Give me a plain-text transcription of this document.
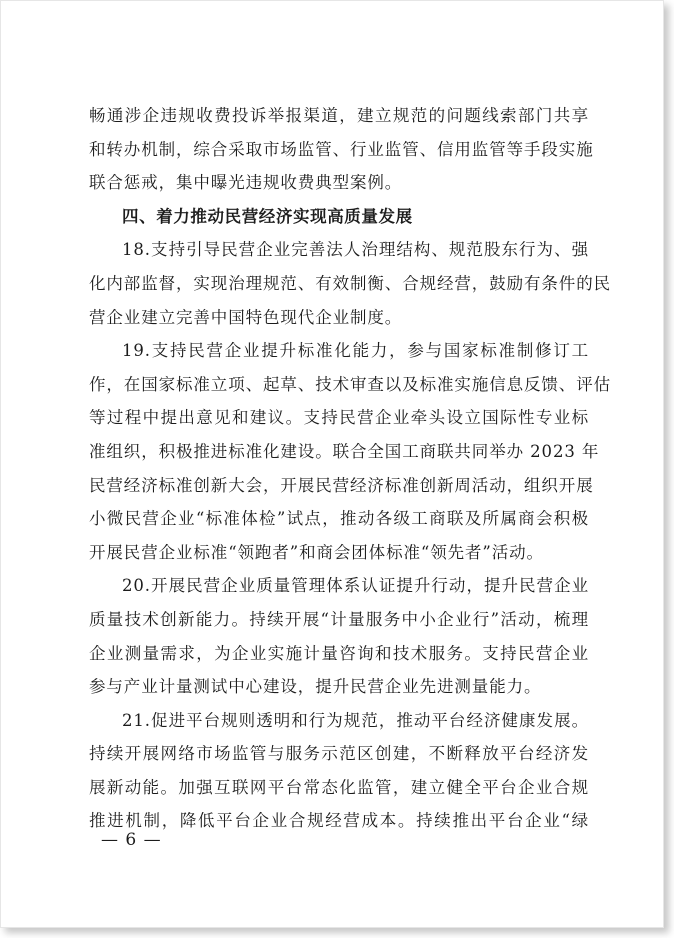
畅通涉企违规收费投诉举报渠道，建立规范的问题线索部门共享
和转办机制，综合采取市场监管、行业监管、信用监管等手段实施
联合惩戒，集中曝光违规收费典型案例。
四、着力推动民营经济实现高质量发展
18.支持引导民营企业完善法人治理结构、规范股东行为、强
化内部监督，实现治理规范、有效制衡、合规经营，鼓励有条件的民
营企业建立完善中国特色现代企业制度。
19.支持民营企业提升标准化能力，参与国家标准制修订工
作，在国家标准立项、起草、技术审查以及标准实施信息反馈、评估
等过程中提出意见和建议。支持民营企业牵头设立国际性专业标
准组织，积极推进标准化建设。联合全国工商联共同举办 2023 年
民营经济标准创新大会，开展民营经济标准创新周活动，组织开展
小微民营企业“标准体检”试点，推动各级工商联及所属商会积极
开展民营企业标准“领跑者”和商会团体标准“领先者”活动。
20.开展民营企业质量管理体系认证提升行动，提升民营企业
质量技术创新能力。持续开展“计量服务中小企业行”活动，梳理
企业测量需求，为企业实施计量咨询和技术服务。支持民营企业
参与产业计量测试中心建设，提升民营企业先进测量能力。
21.促进平台规则透明和行为规范，推动平台经济健康发展。
持续开展网络市场监管与服务示范区创建，不断释放平台经济发
展新动能。加强互联网平台常态化监管，建立健全平台企业合规
推进机制，降低平台企业合规经营成本。持续推出平台企业“绿
— 6 —
